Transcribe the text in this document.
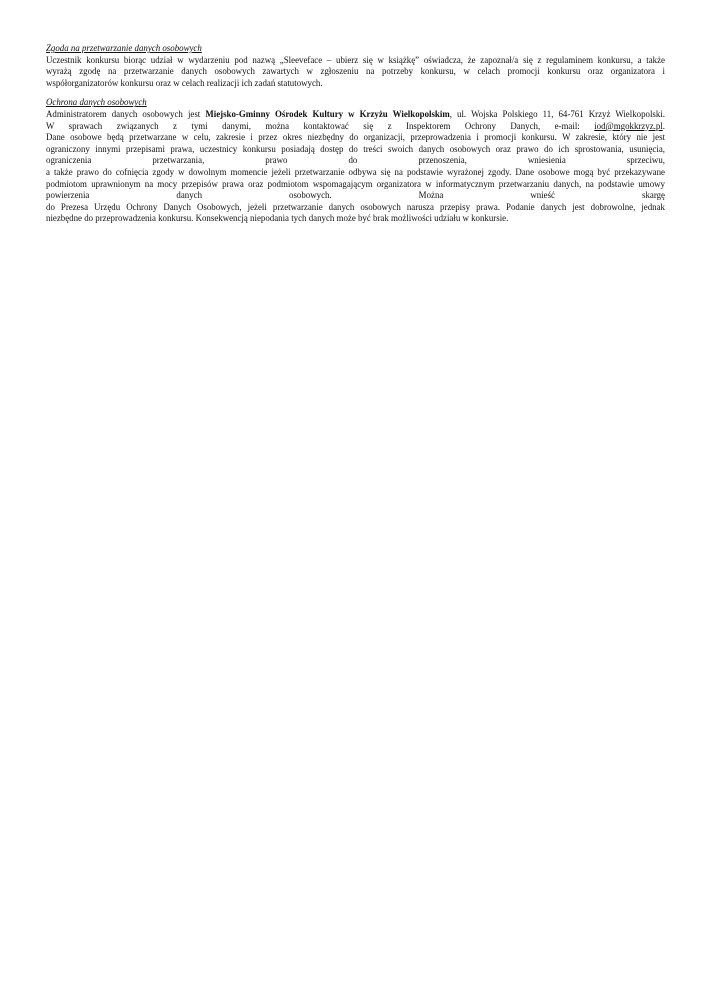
Zgoda na przetwarzanie danych osobowych
Uczestnik konkursu biorąc udział w wydarzeniu pod nazwą „Sleeveface – ubierz się w książkę” oświadcza, że zapoznał/a się z regulaminem konkursu, a także
wyrażą zgodę na przetwarzanie danych osobowych zawartych w zgłoszeniu na potrzeby konkursu, w celach promocji konkursu oraz organizatora i
współorganizatorów konkursu oraz w celach realizacji ich zadań statutowych.
Ochrona danych osobowych
Administratorem danych osobowych jest Miejsko-Gminny Ośrodek Kultury w Krzyżu Wielkopolskim, ul. Wojska Polskiego 11, 64-761 Krzyż Wielkopolski.
W sprawach związanych z tymi danymi, można kontaktować się z Inspektorem Ochrony Danych, e-mail: iod@mgokkrzyz.pl.
Dane osobowe będą przetwarzane w celu, zakresie i przez okres niezbędny do organizacji, przeprowadzenia i promocji konkursu. W zakresie, który nie jest
ograniczony innymi przepisami prawa, uczestnicy konkursu posiadają dostęp do treści swoich danych osobowych oraz prawo do ich sprostowania, usunięcia,
ograniczenia przetwarzania, prawo do przenoszenia, wniesienia sprzeciwu,
a także prawo do cofnięcia zgody w dowolnym momencie jeżeli przetwarzanie odbywa się na podstawie wyrażonej zgody. Dane osobowe mogą być przekazywane
podmiotom uprawnionym na mocy przepisów prawa oraz podmiotom wspomagającym organizatora w informatycznym przetwarzaniu danych, na podstawie umowy
powierzenia danych osobowych. Można wnieść skargę
do Prezesa Urzędu Ochrony Danych Osobowych, jeżeli przetwarzanie danych osobowych narusza przepisy prawa. Podanie danych jest dobrowolne, jednak
niezbędne do przeprowadzenia konkursu. Konsekwencją niepodania tych danych może być brak możliwości udziału w konkursie.
